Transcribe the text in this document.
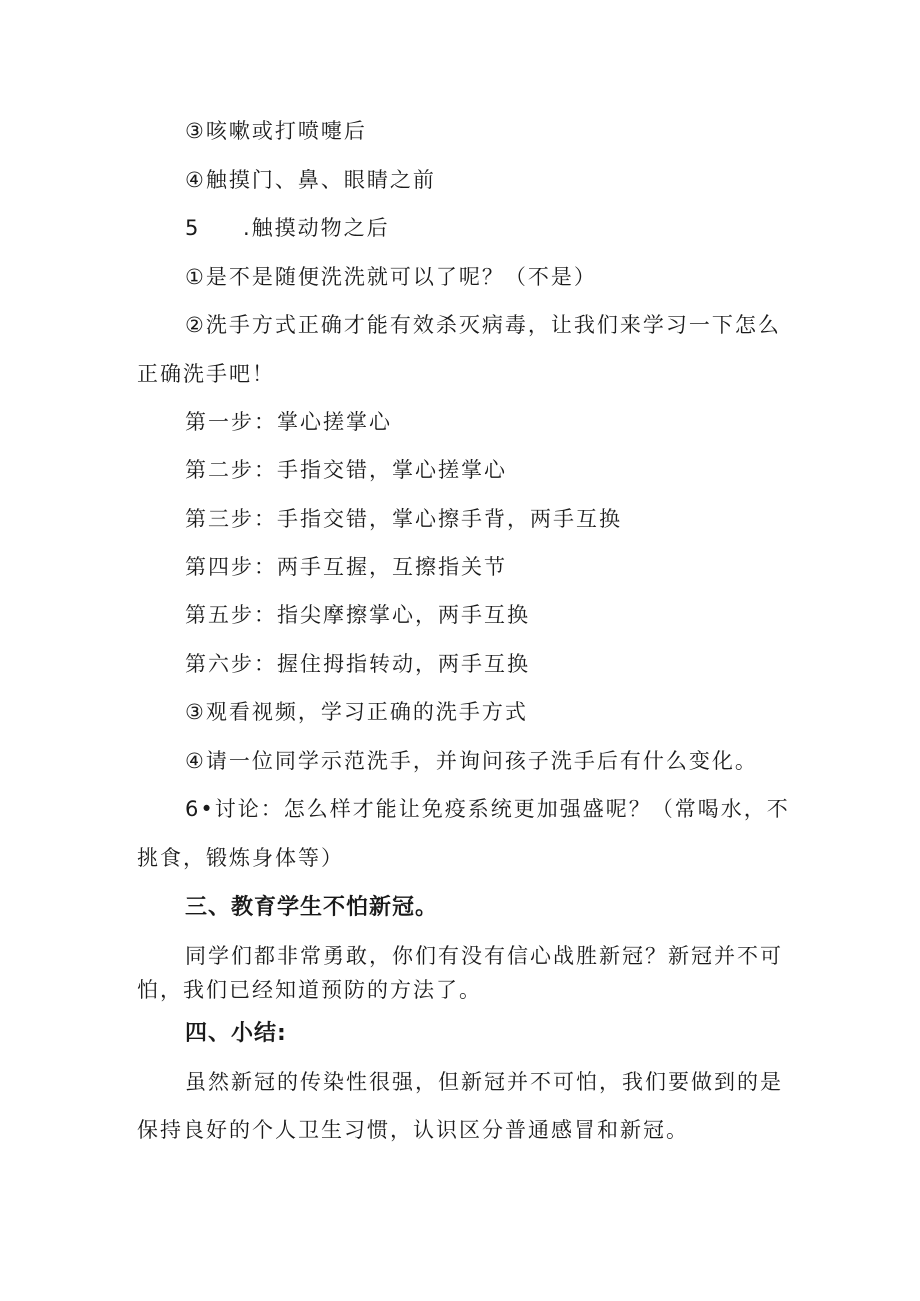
③咳嗽或打喷嚏后
④触摸门、鼻、眼睛之前
5 .触摸动物之后
①是不是随便洗洗就可以了呢？（不是）
②洗手方式正确才能有效杀灭病毒，让我们来学习一下怎么
正确洗手吧！
第一步：掌心搓掌心
第二步：手指交错，掌心搓掌心
第三步：手指交错，掌心擦手背，两手互换
第四步：两手互握，互擦指关节
第五步：指尖摩擦掌心，两手互换
第六步：握住拇指转动，两手互换
③观看视频，学习正确的洗手方式
④请一位同学示范洗手，并询问孩子洗手后有什么变化。
6•讨论：怎么样才能让免疫系统更加强盛呢？（常喝水，不
挑食，锻炼身体等）
三、教育学生不怕新冠。
同学们都非常勇敢，你们有没有信心战胜新冠？新冠并不可
怕，我们已经知道预防的方法了。
四、小结:
虽然新冠的传染性很强，但新冠并不可怕，我们要做到的是
保持良好的个人卫生习惯，认识区分普通感冒和新冠。
